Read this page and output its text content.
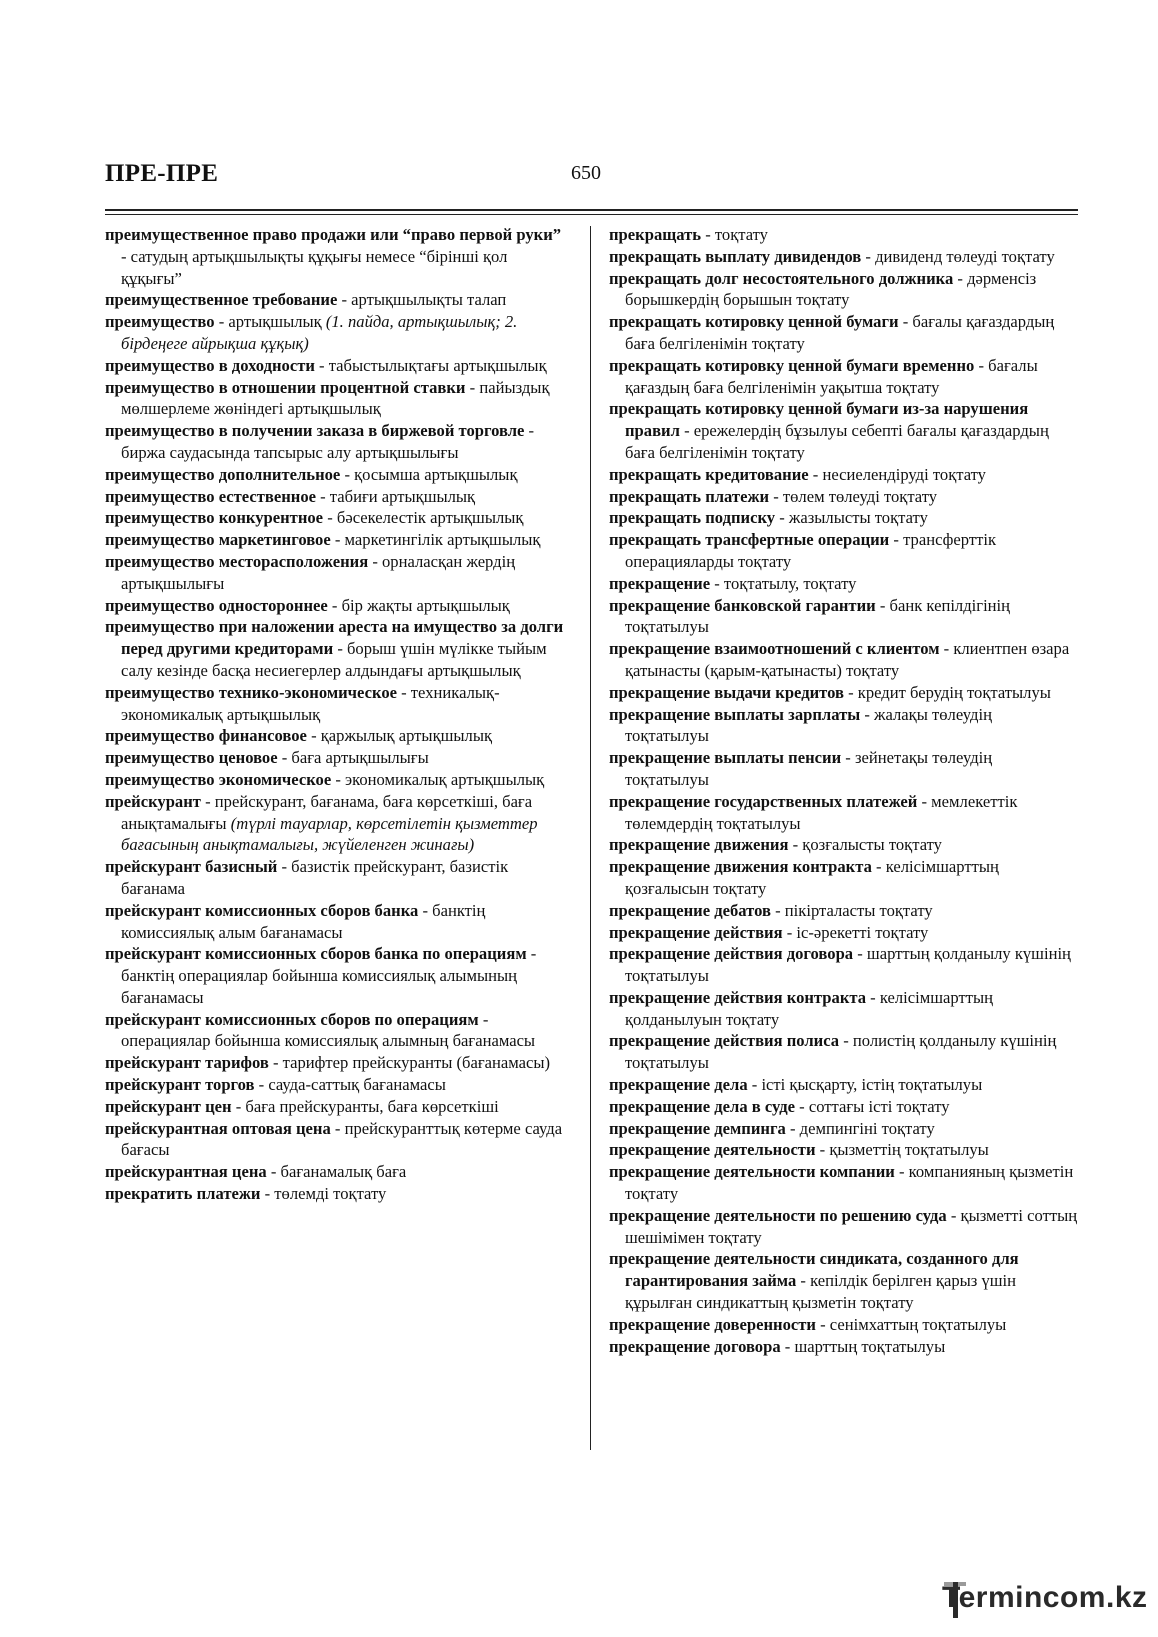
ПРЕ-ПРЕ	650
преимущественное право продажи или “право первой руки” - сатудың артықшылықты құқығы немесе “бірінші қол құқығы”
преимущественное требование - артықшылықты талап
преимущество - артықшылық (1. пайда, артықшылық; 2. бірдеңеге айрықша құқық)
преимущество в доходности - табыстылықтағы артықшылық
преимущество в отношении процентной ставки - пайыздық мөлшерлеме жөніндегі артықшылық
преимущество в получении заказа в биржевой торговле - биржа саудасында тапсырыс алу артықшылығы
преимущество дополнительное - қосымша артықшылық
преимущество естественное - табиғи артықшылық
преимущество конкурентное - бәсекелестік артықшылық
преимущество маркетинговое - маркетингілік артықшылық
преимущество месторасположения - орналасқан жердің артықшылығы
преимущество одностороннее - бір жақты артықшылық
преимущество при наложении ареста на имущество за долги перед другими кредиторами - борыш үшін мүлікке тыйым салу кезінде басқа несиегерлер алдындағы артықшылық
преимущество технико-экономическое - техникалық-экономикалық артықшылық
преимущество финансовое - қаржылық артықшылық
преимущество ценовое - баға артықшылығы
преимущество экономическое - экономикалық артықшылық
прейскурант - прейскурант, бағанама, баға көрсеткіші, баға анықтамалығы (түрлі тауарлар, көрсетілетін қызметтер бағасының анықтамалығы, жүйеленген жинағы)
прейскурант базисный - базистік прейскурант, базистік бағанама
прейскурант комиссионных сборов банка - банктің комиссиялық алым бағанамасы
прейскурант комиссионных сборов банка по операциям - банктің операциялар бойынша комиссиялық алымының бағанамасы
прейскурант комиссионных сборов по операциям - операциялар бойынша комиссиялық алымның бағанамасы
прейскурант тарифов - тарифтер прейскуранты (бағанамасы)
прейскурант торгов - сауда-саттық бағанамасы
прейскурант цен - баға прейскуранты, баға көрсеткіші
прейскурантная оптовая цена - прейскуранттық көтерме сауда бағасы
прейскурантная цена - бағанамалық баға
прекратить платежи - төлемді тоқтату
прекращать - тоқтату
прекращать выплату дивидендов - дивиденд төлеуді тоқтату
прекращать долг несостоятельного должника - дәрменсіз борышкердің борышын тоқтату
прекращать котировку ценной бумаги - бағалы қағаздардың баға белгіленімін тоқтату
прекращать котировку ценной бумаги временно - бағалы қағаздың баға белгіленімін уақытша тоқтату
прекращать котировку ценной бумаги из-за нарушения правил - ережелердің бұзылуы себепті бағалы қағаздардың баға белгіленімін тоқтату
прекращать кредитование - несиелендіруді тоқтату
прекращать платежи - төлем төлеуді тоқтату
прекращать подписку - жазылысты тоқтату
прекращать трансфертные операции - трансферттік операцияларды тоқтату
прекращение - тоқтатылу, тоқтату
прекращение банковской гарантии - банк кепілдігінің тоқтатылуы
прекращение взаимоотношений с клиентом - клиентпен өзара қатынасты (қарым-қатынасты) тоқтату
прекращение выдачи кредитов - кредит берудің тоқтатылуы
прекращение выплаты зарплаты - жалақы төлеудің тоқтатылуы
прекращение выплаты пенсии - зейнетақы төлеудің тоқтатылуы
прекращение государственных платежей - мемлекеттік төлемдердің тоқтатылуы
прекращение движения - қозғалысты тоқтату
прекращение движения контракта - келісімшарттың қозғалысын тоқтату
прекращение дебатов - пікірталасты тоқтату
прекращение действия - іс-әрекетті тоқтату
прекращение действия договора - шарттың қолданылу күшінің тоқтатылуы
прекращение действия контракта - келісімшарттың қолданылуын тоқтату
прекращение действия полиса - полистің қолданылу күшінің тоқтатылуы
прекращение дела - істі қысқарту, істің тоқтатылуы
прекращение дела в суде - соттағы істі тоқтату
прекращение демпинга - демпингіні тоқтату
прекращение деятельности - қызметтің тоқтатылуы
прекращение деятельности компании - компанияның қызметін тоқтату
прекращение деятельности по решению суда - қызметті соттың шешімімен тоқтату
прекращение деятельности синдиката, созданного для гарантирования займа - кепілдік берілген қарыз үшін құрылған синдикаттың қызметін тоқтату
прекращение доверенности - сенімхаттың тоқтатылуы
прекращение договора - шарттың тоқтатылуы
Termincom.kz
